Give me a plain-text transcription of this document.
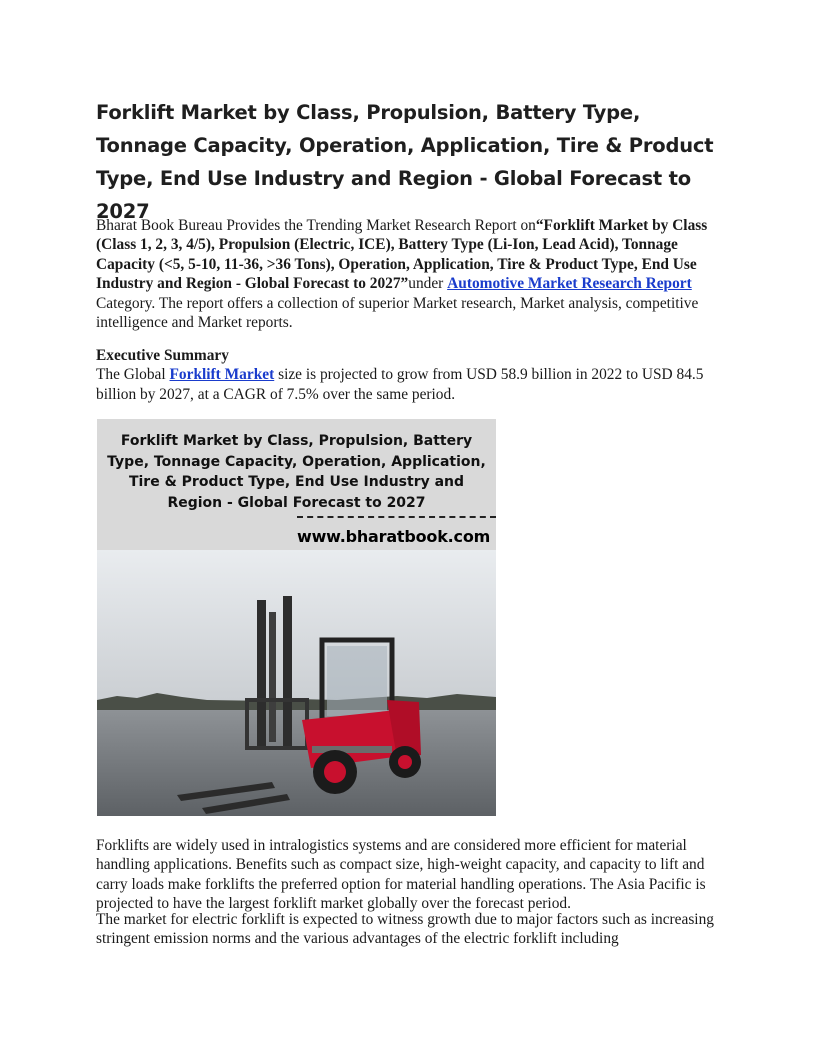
Forklift Market by Class, Propulsion, Battery Type, Tonnage Capacity, Operation, Application, Tire & Product Type, End Use Industry and Region - Global Forecast to 2027

Bharat Book Bureau Provides the Trending Market Research Report on“Forklift Market by Class (Class 1, 2, 3, 4/5), Propulsion (Electric, ICE), Battery Type (Li-Ion, Lead Acid), Tonnage Capacity (<5, 5-10, 11-36, >36 Tons), Operation, Application, Tire & Product Type, End Use Industry and Region - Global Forecast to 2027”under Automotive Market Research Report Category. The report offers a collection of superior Market research, Market analysis, competitive intelligence and Market reports.

Executive Summary
The Global Forklift Market size is projected to grow from USD 58.9 billion in 2022 to USD 84.5 billion by 2027, at a CAGR of 7.5% over the same period.

Forklift Market by Class, Propulsion, Battery Type, Tonnage Capacity, Operation, Application, Tire & Product Type, End Use Industry and Region - Global Forecast to 2027
www.bharatbook.com

Forklifts are widely used in intralogistics systems and are considered more efficient for material handling applications. Benefits such as compact size, high-weight capacity, and capacity to lift and carry loads make forklifts the preferred option for material handling operations. The Asia Pacific is projected to have the largest forklift market globally over the forecast period.

The market for electric forklift is expected to witness growth due to major factors such as increasing stringent emission norms and the various advantages of the electric forklift including
